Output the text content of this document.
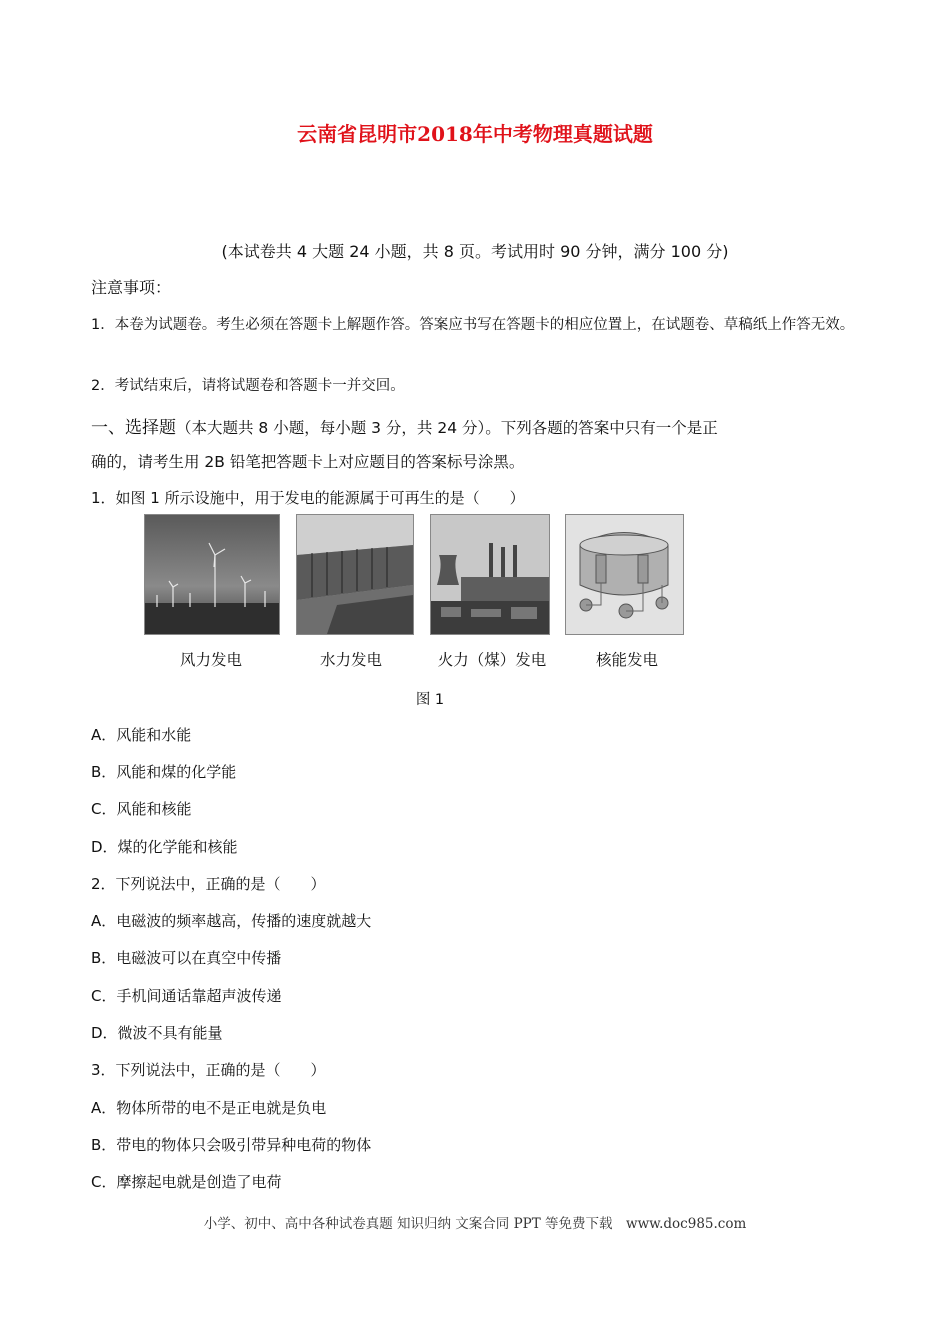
云南省昆明市2018年中考物理真题试题
(本试卷共 4 大题 24 小题，共 8 页。考试用时 90 分钟，满分 100 分)
注意事项：
1．本卷为试题卷。考生必须在答题卡上解题作答。答案应书写在答题卡的相应位置上，在试题卷、草稿纸上作答无效。
2．考试结束后，请将试题卷和答题卡一并交回。
一、选择题（本大题共 8 小题，每小题 3 分，共 24 分）。下列各题的答案中只有一个是正
确的，请考生用 2B 铅笔把答题卡上对应题目的答案标号涂黑。
1．如图 1 所示设施中，用于发电的能源属于可再生的是（　　）
风力发电	水力发电	火力（煤）发电	核能发电
图 1
A．风能和水能
B．风能和煤的化学能
C．风能和核能
D．煤的化学能和核能
2．下列说法中，正确的是（　　）
A．电磁波的频率越高，传播的速度就越大
B．电磁波可以在真空中传播
C．手机间通话靠超声波传递
D．微波不具有能量
3．下列说法中，正确的是（　　）
A．物体所带的电不是正电就是负电
B．带电的物体只会吸引带异种电荷的物体
C．摩擦起电就是创造了电荷
小学、初中、高中各种试卷真题 知识归纳 文案合同 PPT 等免费下载　www.doc985.com
